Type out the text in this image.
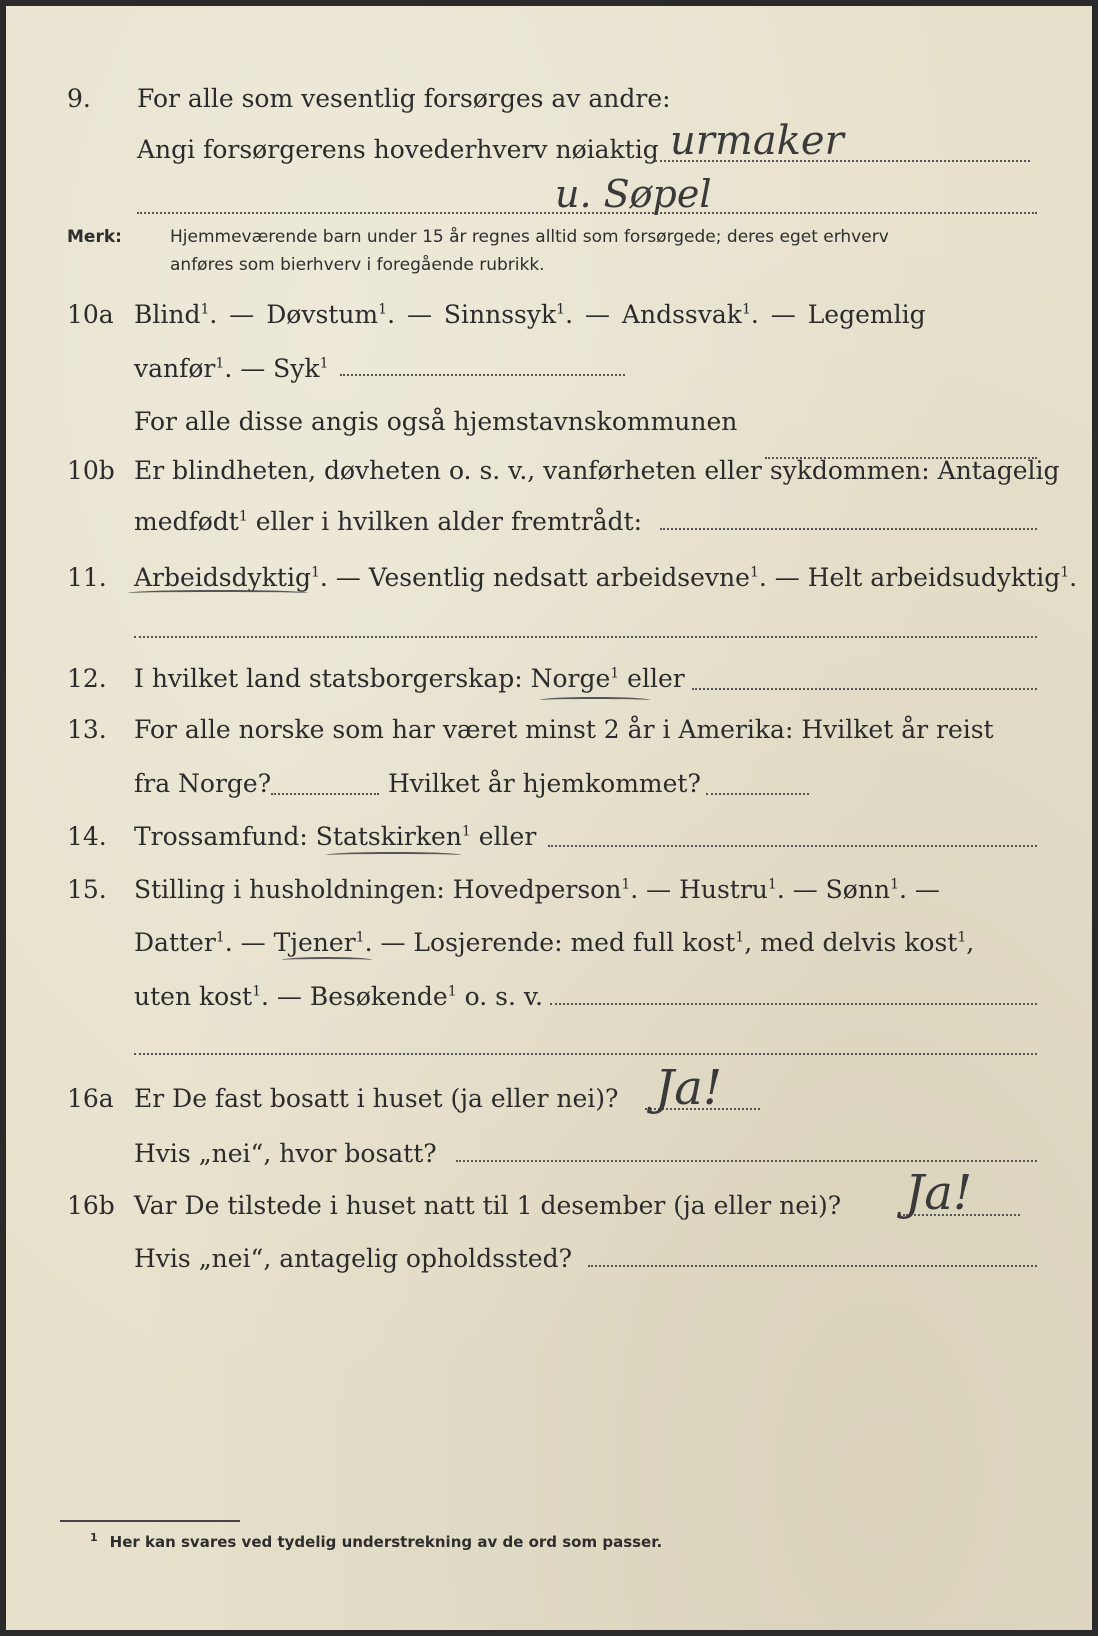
9. For alle som vesentlig forsørges av andre:
Angi forsørgerens hovederhverv nøiaktig urmaker
u. Søpel
Merk:	Hjemmeværende barn under 15 år regnes alltid som forsørgede; deres eget erhverv
anføres som bierhverv i foregående rubrikk.
10a Blind$^1$. — Døvstum$^1$. — Sinnssyk$^1$. — Andssvak$^1$. — Legemlig
vanfør$^1$. — Syk$^1$
For alle disse angis også hjemstavnskommunen
10b Er blindheten, døvheten o. s. v., vanførheten eller sykdommen: Antagelig
medfødt$^1$ eller i hvilken alder fremtrådt:
11. Arbeidsdyktig$^1$. — Vesentlig nedsatt arbeidsevne$^1$. — Helt arbeidsudyktig$^1$.
12. I hvilket land statsborgerskap: Norge$^1$ eller
13. For alle norske som har været minst 2 år i Amerika: Hvilket år reist
fra Norge?	Hvilket år hjemkommet?
14. Trossamfund: Statskirken$^1$ eller
15. Stilling i husholdningen: Hovedperson$^1$. — Hustru$^1$. — Sønn$^1$. —
Datter$^1$. — Tjener$^1$. — Losjerende: med full kost$^1$, med delvis kost$^1$,
uten kost$^1$. — Besøkende$^1$ o. s. v.
16a Er De fast bosatt i huset (ja eller nei)? Ja!
Hvis „nei“, hvor bosatt?
16b Var De tilstede i huset natt til 1 desember (ja eller nei)? Ja!
Hvis „nei“, antagelig opholdssted?
$^1$ Her kan svares ved tydelig understrekning av de ord som passer.
